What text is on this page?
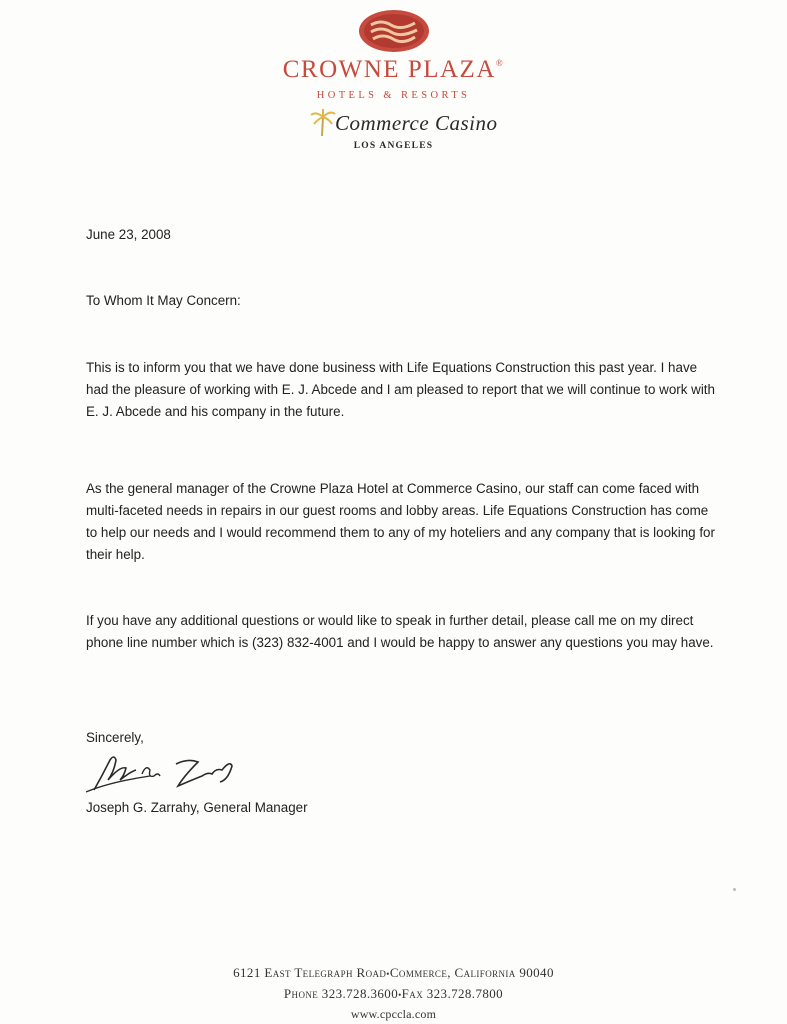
CROWNE PLAZA®
HOTELS & RESORTS
Commerce Casino
LOS ANGELES
June 23, 2008
To Whom It May Concern:
This is to inform you that we have done business with Life Equations Construction this past year. I have had the pleasure of working with E. J. Abcede and I am pleased to report that we will continue to work with E. J. Abcede and his company in the future.
As the general manager of the Crowne Plaza Hotel at Commerce Casino, our staff can come faced with multi-faceted needs in repairs in our guest rooms and lobby areas. Life Equations Construction has come to help our needs and I would recommend them to any of my hoteliers and any company that is looking for their help.
If you have any additional questions or would like to speak in further detail, please call me on my direct phone line number which is (323) 832-4001 and I would be happy to answer any questions you may have.
Sincerely,
Joseph G. Zarrahy, General Manager
6121 East Telegraph Road•Commerce, California 90040
Phone 323.728.3600•Fax 323.728.7800
www.cpccla.com
